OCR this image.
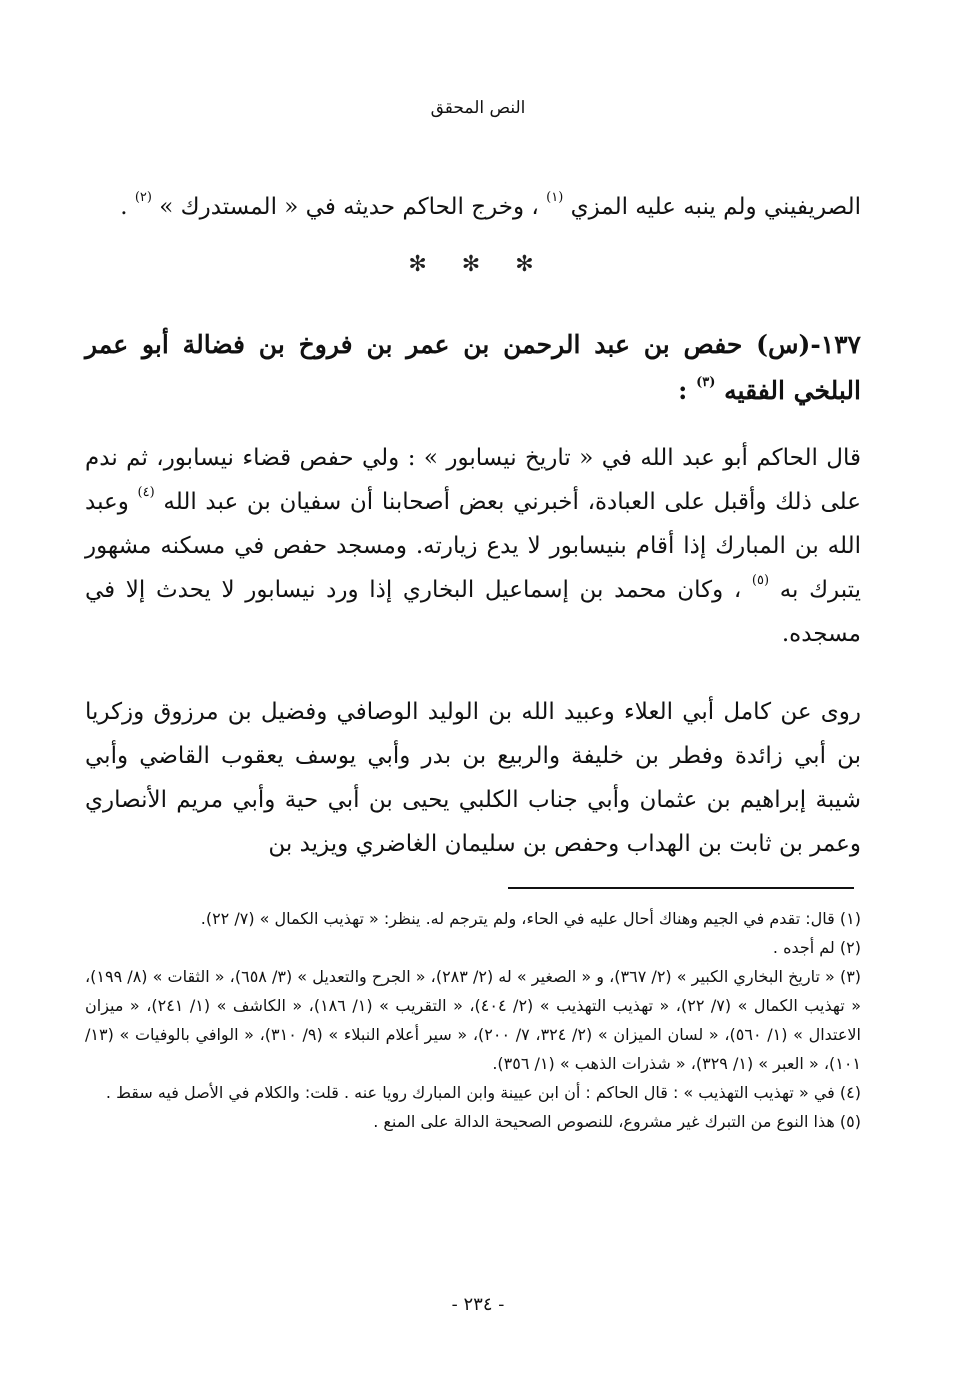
النص المحقق
الصريفيني ولم ينبه عليه المزي $^{(١)}$ ، وخرج الحاكم حديثه في « المستدرك » $^{(٢)}$ .
✻ ✻ ✻
١٣٧-(س) حفص بن عبد الرحمن بن عمر بن فروخ بن فضالة أبو عمر البلخي الفقيه $^{(٣)}$ :
قال الحاكم أبو عبد الله في « تاريخ نيسابور » : ولي حفص قضاء نيسابور، ثم ندم على ذلك وأقبل على العبادة، أخبرني بعض أصحابنا أن سفيان بن عبد الله $^{(٤)}$ وعبد الله بن المبارك إذا أقام بنيسابور لا يدع زيارته. ومسجد حفص في مسكنه مشهور يتبرك به $^{(٥)}$ ، وكان محمد بن إسماعيل البخاري إذا ورد نيسابور لا يحدث إلا في مسجده.
روى عن كامل أبي العلاء وعبيد الله بن الوليد الوصافي وفضيل بن مرزوق وزكريا بن أبي زائدة وفطر بن خليفة والربيع بن بدر وأبي يوسف يعقوب القاضي وأبي شيبة إبراهيم بن عثمان وأبي جناب الكلبي يحيى بن أبي حية وأبي مريم الأنصاري وعمر بن ثابت بن الهداب وحفص بن سليمان الغاضري ويزيد بن

(١) قال: تقدم في الجيم وهناك أحال عليه في الحاء، ولم يترجم له. ينظر: « تهذيب الكمال » (٧/ ٢٢).

(٢) لم أجده .

(٣) « تاريخ البخاري الكبير » (٢/ ٣٦٧)، و « الصغير » له (٢/ ٢٨٣)، « الجرح والتعديل » (٣/ ٦٥٨)، « الثقات » (٨/ ١٩٩)، « تهذيب الكمال » (٧/ ٢٢)، « تهذيب التهذيب » (٢/ ٤٠٤)، « التقريب » (١/ ١٨٦)، « الكاشف » (١/ ٢٤١)، « ميزان الاعتدال » (١/ ٥٦٠)، « لسان الميزان » (٢/ ٣٢٤، ٧/ ٢٠٠)، « سير أعلام النبلاء » (٩/ ٣١٠)، « الوافي بالوفيات » (١٣/ ١٠١)، « العبر » (١/ ٣٢٩)، « شذرات الذهب » (١/ ٣٥٦).

(٤) في « تهذيب التهذيب » : قال الحاكم : أن ابن عيينة وابن المبارك رويا عنه . قلت: والكلام في الأصل فيه سقط .

(٥) هذا النوع من التبرك غير مشروع، للنصوص الصحيحة الدالة على المنع .

- ٢٣٤ -
